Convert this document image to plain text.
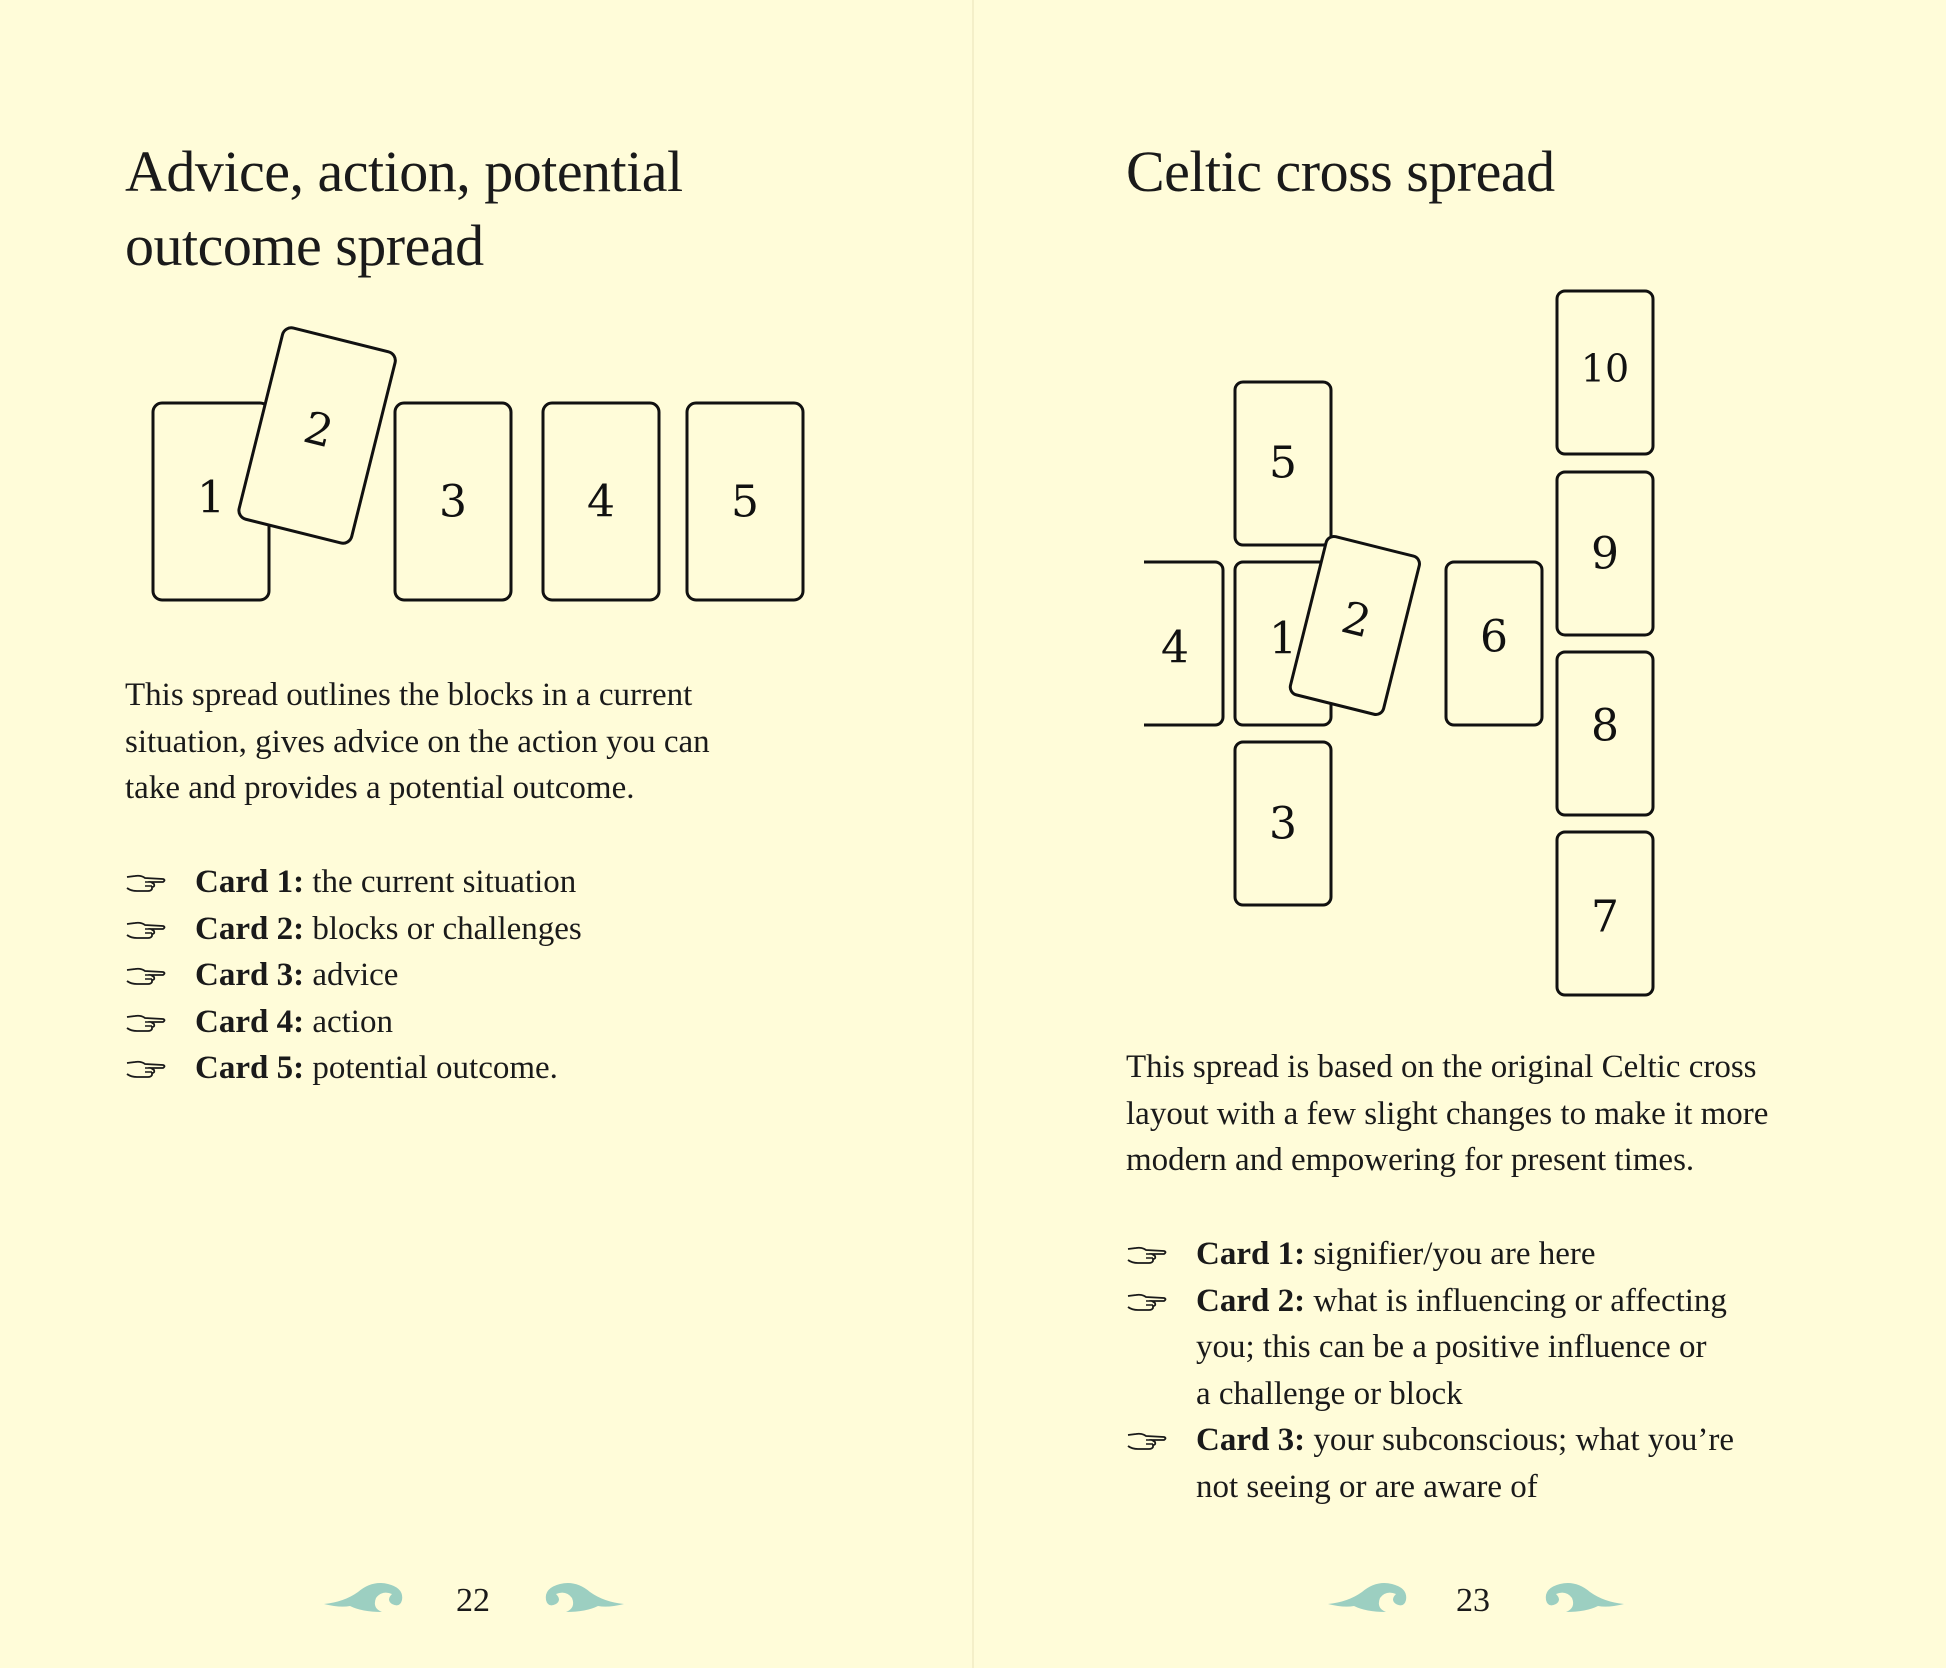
Advice, action, potential
outcome spread
1
2
3	4	5

This spread outlines the blocks in a current
situation, gives advice on the action you can
take and provides a potential outcome.

Card 1: the current situation
Card 2: blocks or challenges
Card 3: advice
Card 4: action
Card 5: potential outcome.
22
Celtic cross spread
5
4 1 2 6
3
10
9
8
7

This spread is based on the original Celtic cross
layout with a few slight changes to make it more
modern and empowering for present times.

Card 1: signifier/you are here
Card 2: what is influencing or affecting
you; this can be a positive influence or
a challenge or block
Card 3: your subconscious; what you’re
not seeing or are aware of
23
